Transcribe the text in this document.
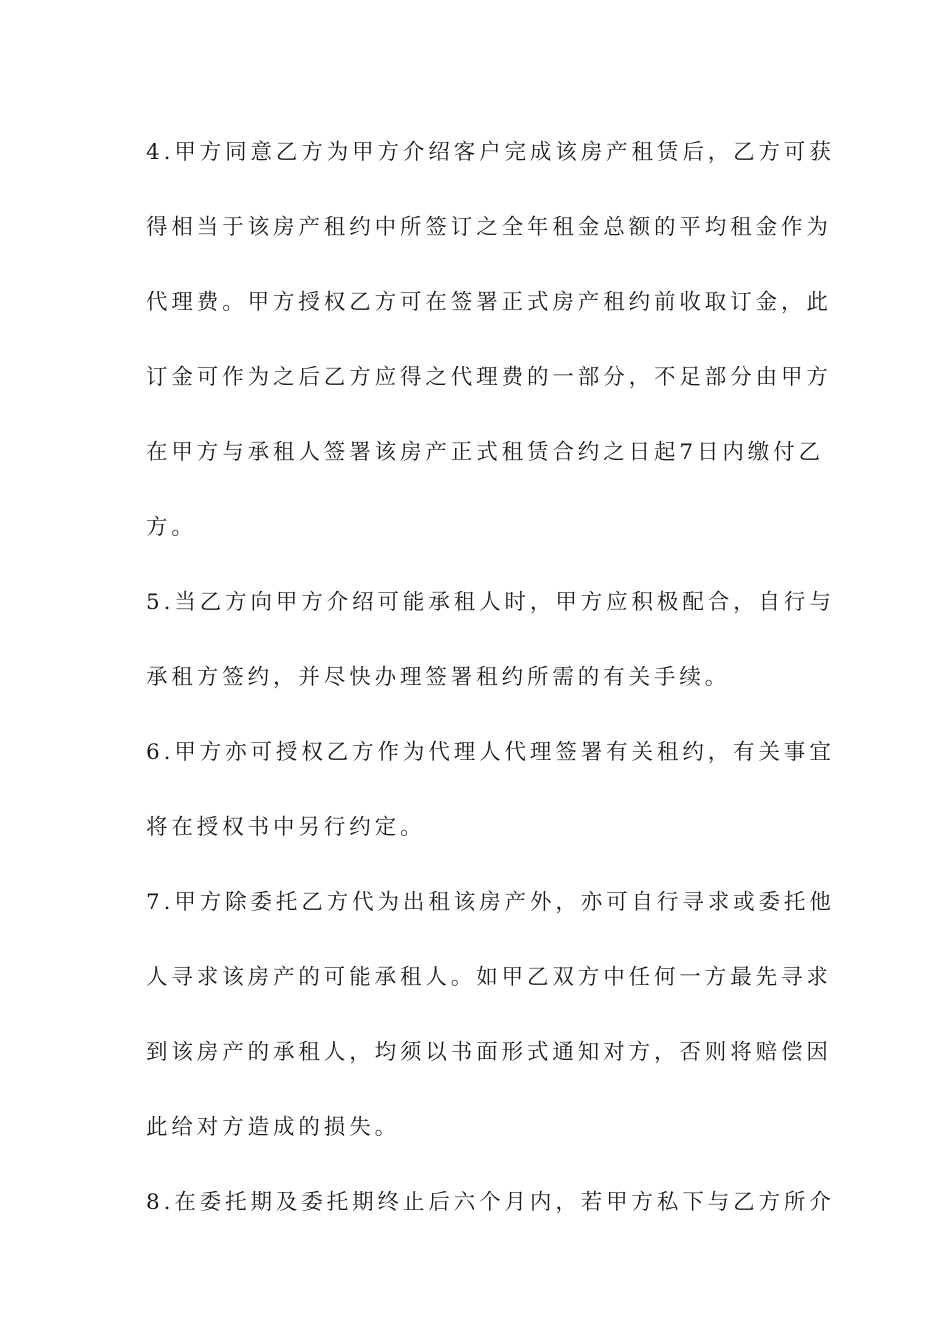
4.甲方同意乙方为甲方介绍客户完成该房产租赁后，乙方可获
得相当于该房产租约中所签订之全年租金总额的平均租金作为
代理费。甲方授权乙方可在签署正式房产租约前收取订金，此
订金可作为之后乙方应得之代理费的一部分，不足部分由甲方
在甲方与承租人签署该房产正式租赁合约之日起7日内缴付乙
方。
5.当乙方向甲方介绍可能承租人时，甲方应积极配合，自行与
承租方签约，并尽快办理签署租约所需的有关手续。
6.甲方亦可授权乙方作为代理人代理签署有关租约，有关事宜
将在授权书中另行约定。
7.甲方除委托乙方代为出租该房产外，亦可自行寻求或委托他
人寻求该房产的可能承租人。如甲乙双方中任何一方最先寻求
到该房产的承租人，均须以书面形式通知对方，否则将赔偿因
此给对方造成的损失。
8.在委托期及委托期终止后六个月内，若甲方私下与乙方所介
